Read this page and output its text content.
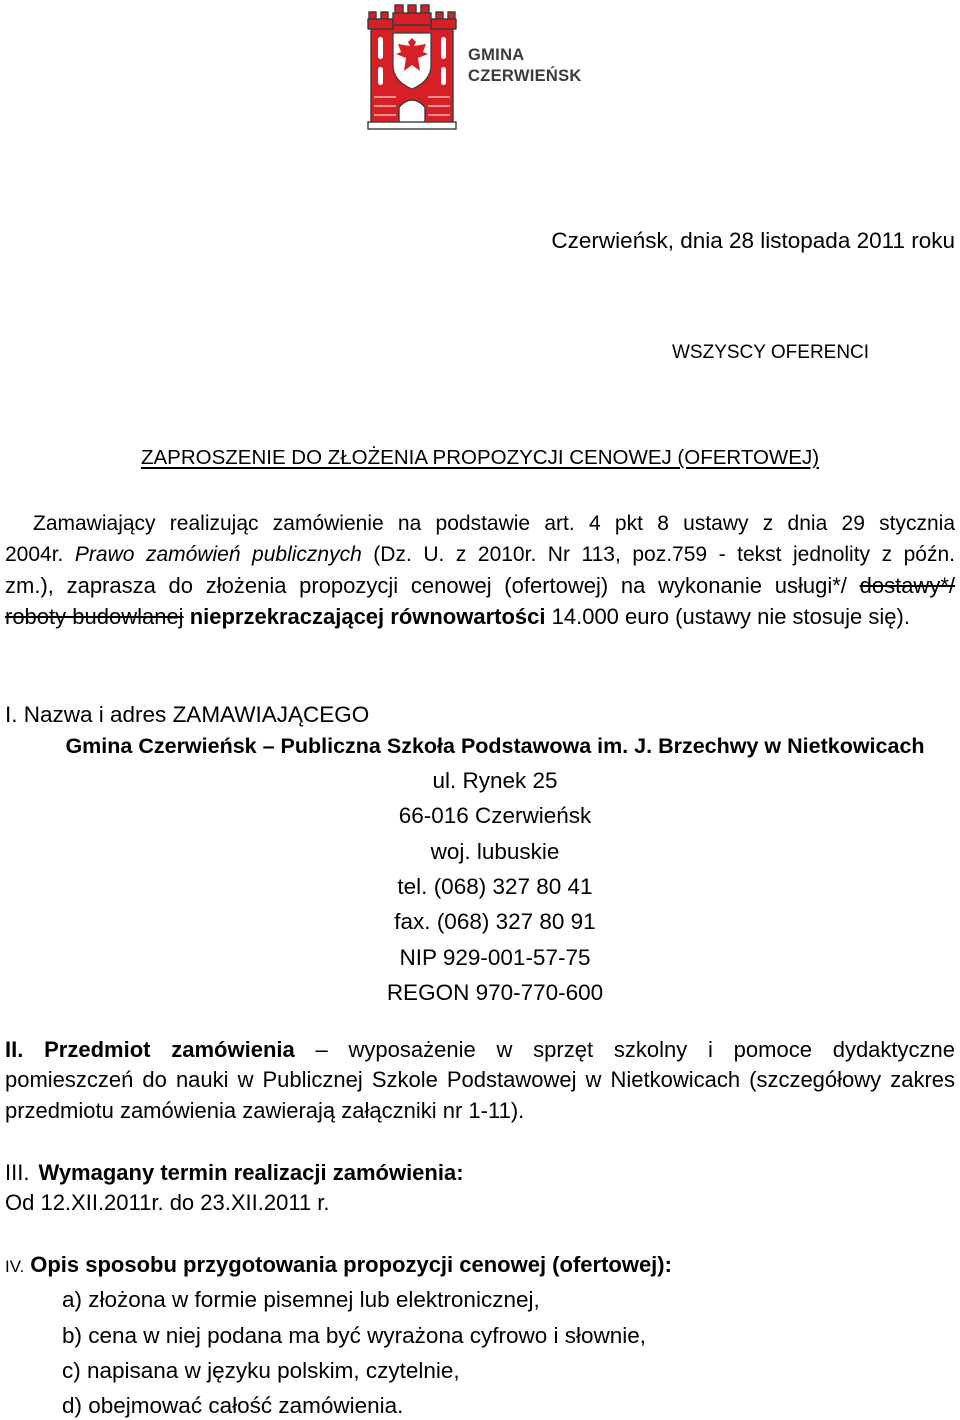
GMINA
CZERWIEŃSK
Czerwieńsk, dnia 28 listopada 2011 roku
WSZYSCY OFERENCI
ZAPROSZENIE DO ZŁOŻENIA PROPOZYCJI CENOWEJ (OFERTOWEJ)
Zamawiający realizując zamówienie na podstawie art. 4 pkt 8 ustawy z dnia 29 stycznia
2004r. Prawo zamówień publicznych (Dz. U. z 2010r. Nr 113, poz.759 - tekst jednolity z późn.
zm.), zaprasza do złożenia propozycji cenowej (ofertowej) na wykonanie usługi*/ dostawy*/
roboty budowlanej nieprzekraczającej równowartości 14.000 euro (ustawy nie stosuje się).
I. Nazwa i adres ZAMAWIAJĄCEGO
Gmina Czerwieńsk – Publiczna Szkoła Podstawowa im. J. Brzechwy w Nietkowicach
ul. Rynek 25
66-016 Czerwieńsk
woj. lubuskie
tel. (068) 327 80 41
fax. (068) 327 80 91
NIP 929-001-57-75
REGON 970-770-600
II. Przedmiot zamówienia – wyposażenie w sprzęt szkolny i pomoce dydaktyczne
pomieszczeń do nauki w Publicznej Szkole Podstawowej w Nietkowicach (szczegółowy zakres
przedmiotu zamówienia zawierają załączniki nr 1-11).
III. Wymagany termin realizacji zamówienia:
Od 12.XII.2011r. do 23.XII.2011 r.
IV. Opis sposobu przygotowania propozycji cenowej (ofertowej):
a) złożona w formie pisemnej lub elektronicznej,
b) cena w niej podana ma być wyrażona cyfrowo i słownie,
c) napisana w języku polskim, czytelnie,
d) obejmować całość zamówienia.
